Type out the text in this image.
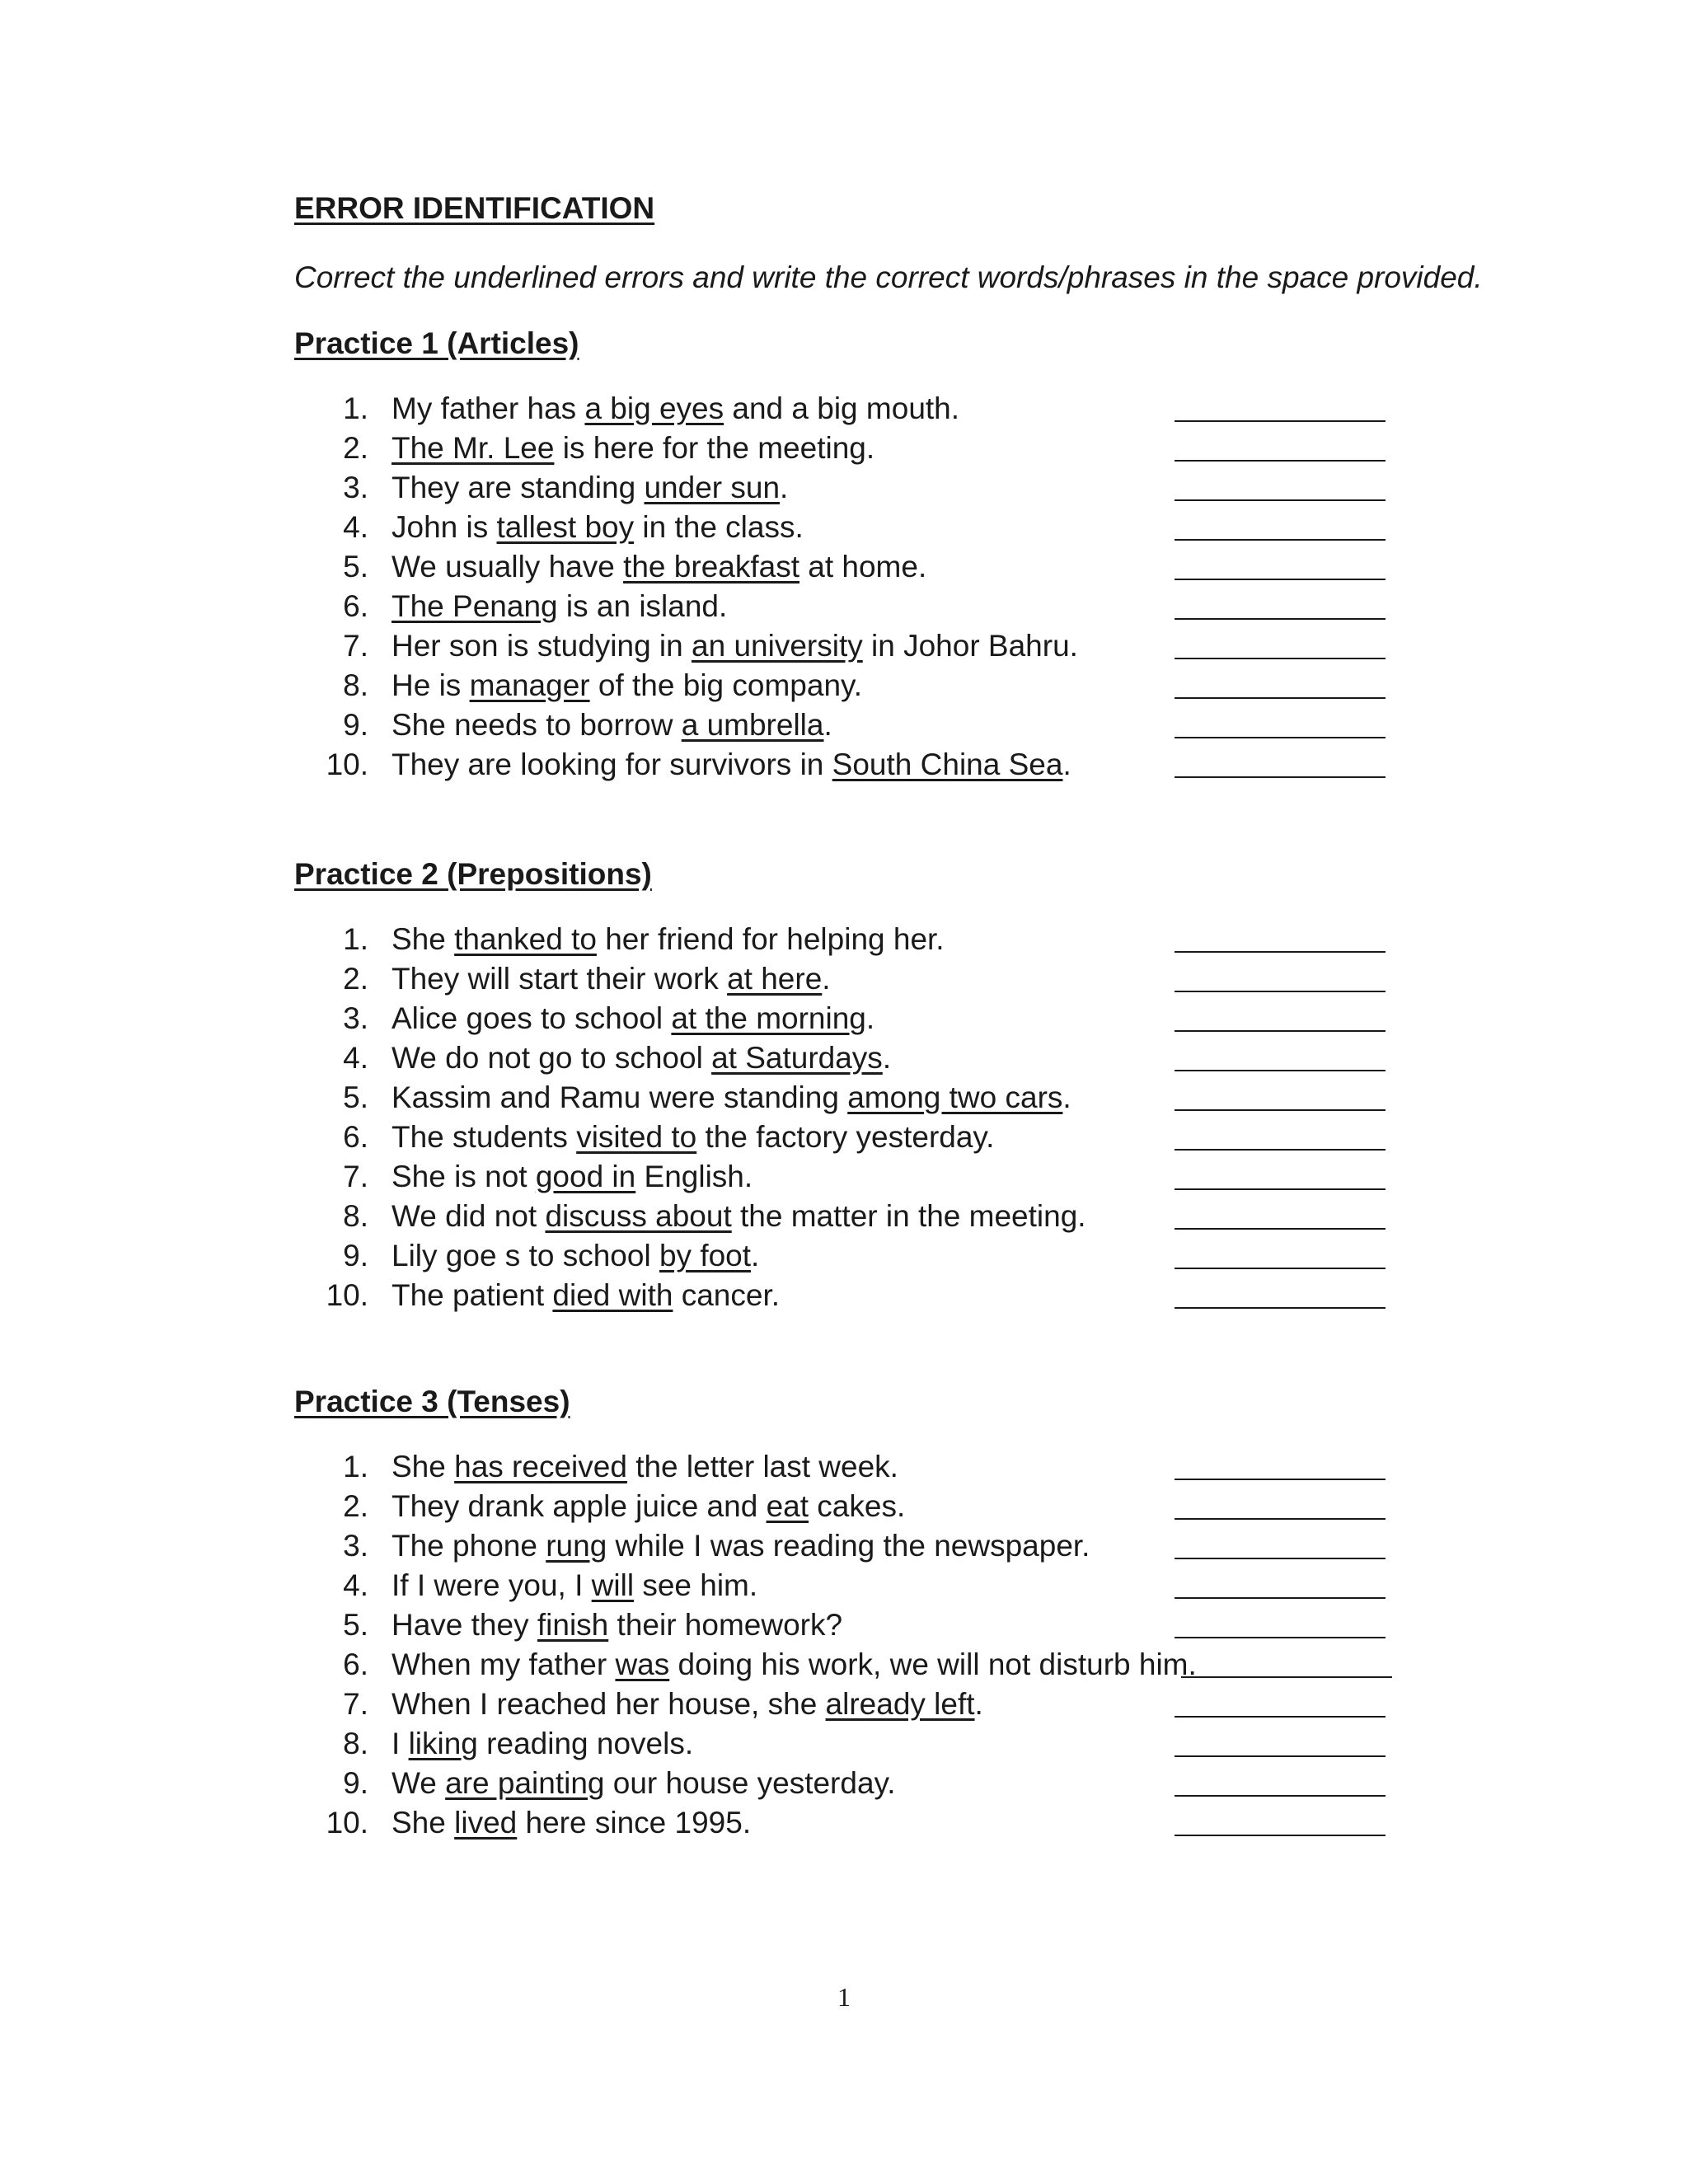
ERROR IDENTIFICATION

Correct the underlined errors and write the correct words/phrases in the space provided.

Practice 1 (Articles)
1. My father has a big eyes and a big mouth.
2. The Mr. Lee is here for the meeting.
3. They are standing under sun.
4. John is tallest boy in the class.
5. We usually have the breakfast at home.
6. The Penang is an island.
7. Her son is studying in an university in Johor Bahru.
8. He is manager of the big company.
9. She needs to borrow a umbrella.
10. They are looking for survivors in South China Sea.
Practice 2 (Prepositions)
1. She thanked to her friend for helping her.
2. They will start their work at here.
3. Alice goes to school at the morning.
4. We do not go to school at Saturdays.
5. Kassim and Ramu were standing among two cars.
6. The students visited to the factory yesterday.
7. She is not good in English.
8. We did not discuss about the matter in the meeting.
9. Lily goe s to school by foot.
10. The patient died with cancer.
Practice 3 (Tenses)
1. She has received the letter last week.
2. They drank apple juice and eat cakes.
3. The phone rung while I was reading the newspaper.
4. If I were you, I will see him.
5. Have they finish their homework?
6. When my father was doing his work, we will not disturb him.
7. When I reached her house, she already left.
8. I liking reading novels.
9. We are painting our house yesterday.
10. She lived here since 1995.

1
